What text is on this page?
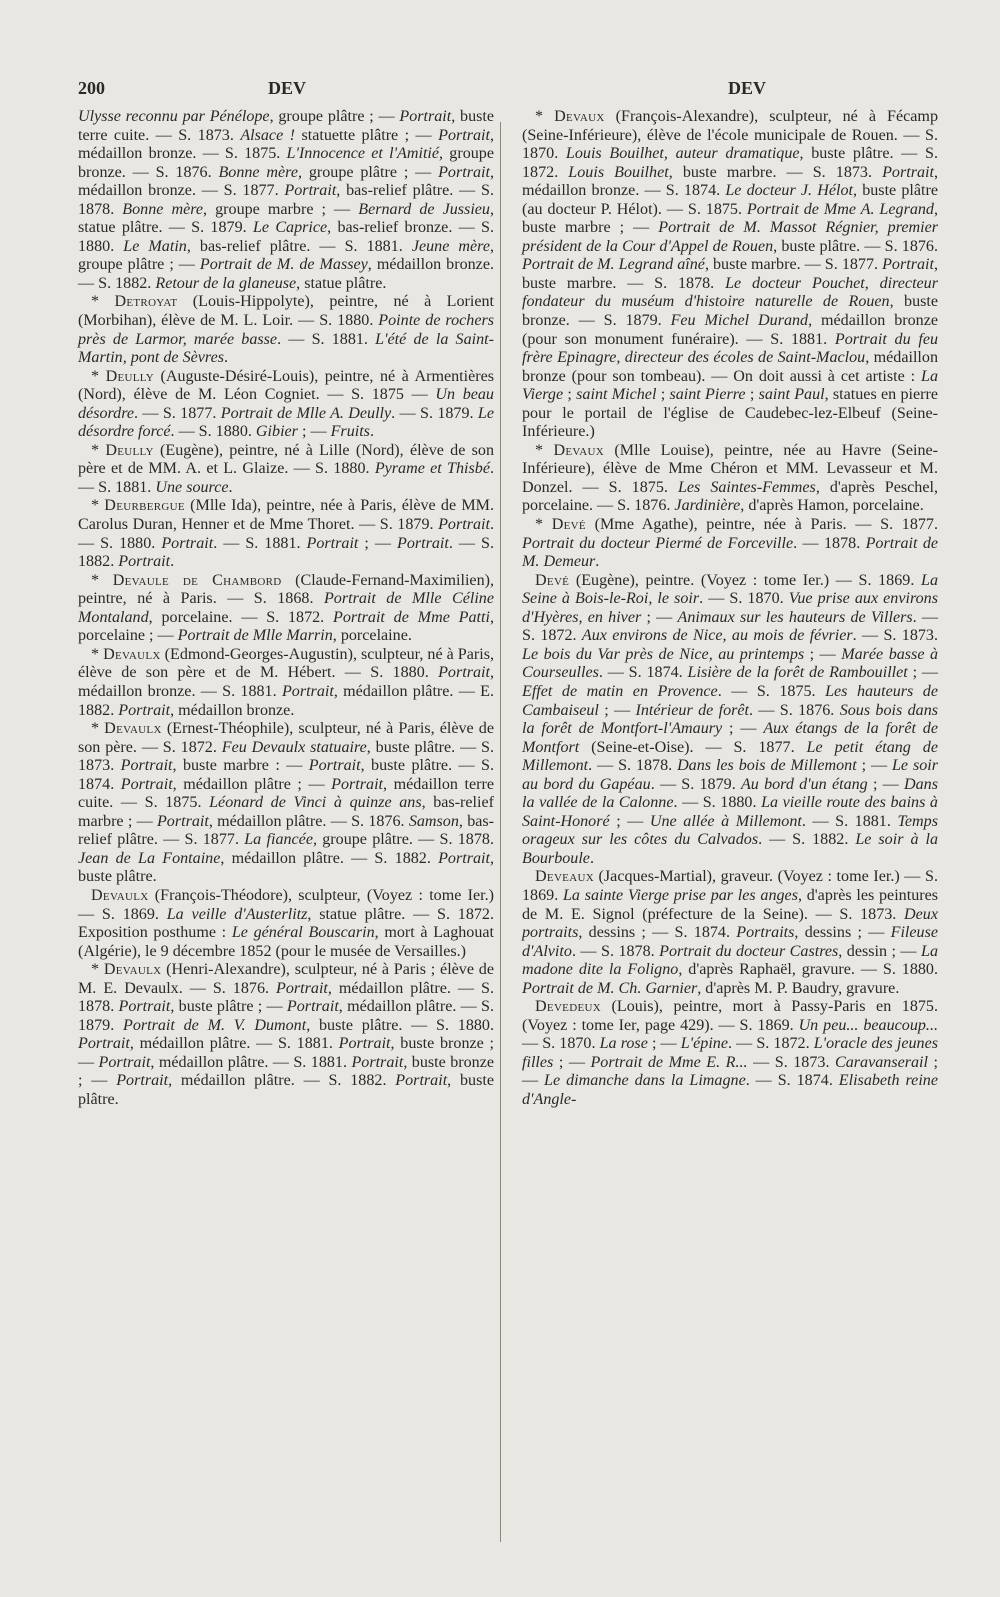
200	DEV	DEV

Ulysse reconnu par Pénélope, groupe plâtre ; — Portrait, buste terre cuite. — S. 1873. Alsace ! statuette plâtre ; — Portrait, médaillon bronze. — S. 1875. L'Innocence et l'Amitié, groupe bronze. — S. 1876. Bonne mère, groupe plâtre ; — Portrait, médaillon bronze. — S. 1877. Portrait, bas-relief plâtre. — S. 1878. Bonne mère, groupe marbre ; — Bernard de Jussieu, statue plâtre. — S. 1879. Le Caprice, bas-relief bronze. — S. 1880. Le Matin, bas-relief plâtre. — S. 1881. Jeune mère, groupe plâtre ; — Portrait de M. de Massey, médaillon bronze. — S. 1882. Retour de la glaneuse, statue plâtre.

* Detroyat (Louis-Hippolyte), peintre, né à Lorient (Morbihan), élève de M. L. Loir. — S. 1880. Pointe de rochers près de Larmor, marée basse. — S. 1881. L'été de la Saint-Martin, pont de Sèvres.

* Deully (Auguste-Désiré-Louis), peintre, né à Armentières (Nord), élève de M. Léon Cogniet. — S. 1875 — Un beau désordre. — S. 1877. Portrait de Mlle A. Deully. — S. 1879. Le désordre forcé. — S. 1880. Gibier ; — Fruits.

* Deully (Eugène), peintre, né à Lille (Nord), élève de son père et de MM. A. et L. Glaize. — S. 1880. Pyrame et Thisbé. — S. 1881. Une source.

* Deurbergue (Mlle Ida), peintre, née à Paris, élève de MM. Carolus Duran, Henner et de Mme Thoret. — S. 1879. Portrait. — S. 1880. Portrait. — S. 1881. Portrait ; — Portrait. — S. 1882. Portrait.

* Devaule de Chambord (Claude-Fernand-Maximilien), peintre, né à Paris. — S. 1868. Portrait de Mlle Céline Montaland, porcelaine. — S. 1872. Portrait de Mme Patti, porcelaine ; — Portrait de Mlle Marrin, porcelaine.

* Devaulx (Edmond-Georges-Augustin), sculpteur, né à Paris, élève de son père et de M. Hébert. — S. 1880. Portrait, médaillon bronze. — S. 1881. Portrait, médaillon plâtre. — E. 1882. Portrait, médaillon bronze.

* Devaulx (Ernest-Théophile), sculpteur, né à Paris, élève de son père. — S. 1872. Feu Devaulx statuaire, buste plâtre. — S. 1873. Portrait, buste marbre : — Portrait, buste plâtre. — S. 1874. Portrait, médaillon plâtre ; — Portrait, médaillon terre cuite. — S. 1875. Léonard de Vinci à quinze ans, bas-relief marbre ; — Portrait, médaillon plâtre. — S. 1876. Samson, bas-relief plâtre. — S. 1877. La fiancée, groupe plâtre. — S. 1878. Jean de La Fontaine, médaillon plâtre. — S. 1882. Portrait, buste plâtre.

Devaulx (François-Théodore), sculpteur, (Voyez : tome Ier.) — S. 1869. La veille d'Austerlitz, statue plâtre. — S. 1872. Exposition posthume : Le général Bouscarin, mort à Laghouat (Algérie), le 9 décembre 1852 (pour le musée de Versailles.)

* Devaulx (Henri-Alexandre), sculpteur, né à Paris ; élève de M. E. Devaulx. — S. 1876. Portrait, médaillon plâtre. — S. 1878. Portrait, buste plâtre ; — Portrait, médaillon plâtre. — S. 1879. Portrait de M. V. Dumont, buste plâtre. — S. 1880. Portrait, médaillon plâtre. — S. 1881. Portrait, buste bronze ; — Portrait, médaillon plâtre. — S. 1881. Portrait, buste bronze ; — Portrait, médaillon plâtre. — S. 1882. Portrait, buste plâtre.

* Devaux (François-Alexandre), sculpteur, né à Fécamp (Seine-Inférieure), élève de l'école municipale de Rouen. — S. 1870. Louis Bouilhet, auteur dramatique, buste plâtre. — S. 1872. Louis Bouilhet, buste marbre. — S. 1873. Portrait, médaillon bronze. — S. 1874. Le docteur J. Hélot, buste plâtre (au docteur P. Hélot). — S. 1875. Portrait de Mme A. Legrand, buste marbre ; — Portrait de M. Massot Régnier, premier président de la Cour d'Appel de Rouen, buste plâtre. — S. 1876. Portrait de M. Legrand aîné, buste marbre. — S. 1877. Portrait, buste marbre. — S. 1878. Le docteur Pouchet, directeur fondateur du muséum d'histoire naturelle de Rouen, buste bronze. — S. 1879. Feu Michel Durand, médaillon bronze (pour son monument funéraire). — S. 1881. Portrait du feu frère Epinagre, directeur des écoles de Saint-Maclou, médaillon bronze (pour son tombeau). — On doit aussi à cet artiste : La Vierge ; saint Michel ; saint Pierre ; saint Paul, statues en pierre pour le portail de l'église de Caudebec-lez-Elbeuf (Seine-Inférieure.)

* Devaux (Mlle Louise), peintre, née au Havre (Seine-Inférieure), élève de Mme Chéron et MM. Levasseur et M. Donzel. — S. 1875. Les Saintes-Femmes, d'après Peschel, porcelaine. — S. 1876. Jardinière, d'après Hamon, porcelaine.

* Devé (Mme Agathe), peintre, née à Paris. — S. 1877. Portrait du docteur Piermé de Forceville. — 1878. Portrait de M. Demeur.

Devé (Eugène), peintre. (Voyez : tome Ier.) — S. 1869. La Seine à Bois-le-Roi, le soir. — S. 1870. Vue prise aux environs d'Hyères, en hiver ; — Animaux sur les hauteurs de Villers. — S. 1872. Aux environs de Nice, au mois de février. — S. 1873. Le bois du Var près de Nice, au printemps ; — Marée basse à Courseulles. — S. 1874. Lisière de la forêt de Rambouillet ; — Effet de matin en Provence. — S. 1875. Les hauteurs de Cambaiseul ; — Intérieur de forêt. — S. 1876. Sous bois dans la forêt de Montfort-l'Amaury ; — Aux étangs de la forêt de Montfort (Seine-et-Oise). — S. 1877. Le petit étang de Millemont. — S. 1878. Dans les bois de Millemont ; — Le soir au bord du Gapéau. — S. 1879. Au bord d'un étang ; — Dans la vallée de la Calonne. — S. 1880. La vieille route des bains à Saint-Honoré ; — Une allée à Millemont. — S. 1881. Temps orageux sur les côtes du Calvados. — S. 1882. Le soir à la Bourboule.

Deveaux (Jacques-Martial), graveur. (Voyez : tome Ier.) — S. 1869. La sainte Vierge prise par les anges, d'après les peintures de M. E. Signol (préfecture de la Seine). — S. 1873. Deux portraits, dessins ; — S. 1874. Portraits, dessins ; — Fileuse d'Alvito. — S. 1878. Portrait du docteur Castres, dessin ; — La madone dite la Foligno, d'après Raphaël, gravure. — S. 1880. Portrait de M. Ch. Garnier, d'après M. P. Baudry, gravure.

Devedeux (Louis), peintre, mort à Passy-Paris en 1875. (Voyez : tome Ier, page 429). — S. 1869. Un peu... beaucoup... — S. 1870. La rose ; — L'épine. — S. 1872. L'oracle des jeunes filles ; — Portrait de Mme E. R... — S. 1873. Caravanserail ; — Le dimanche dans la Limagne. — S. 1874. Elisabeth reine d'Angle-
